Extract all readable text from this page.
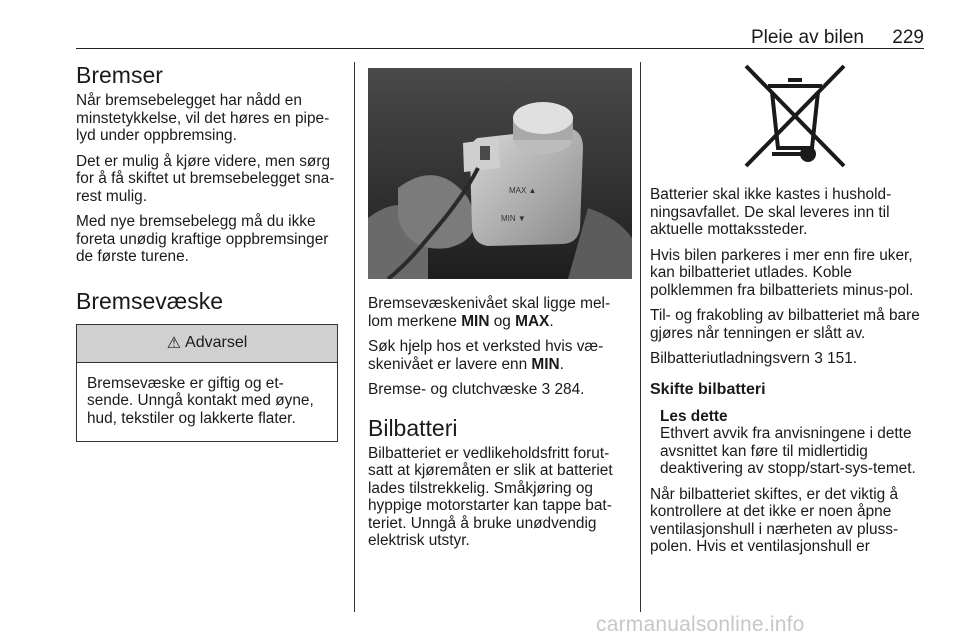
Pleie av bilen 229
Bremser

Når bremsebelegget har nådd en minstetykkelse, vil det høres en pipe-lyd under oppbremsing.

Det er mulig å kjøre videre, men sørg for å få skiftet ut bremsebelegget sna-rest mulig.

Med nye bremsebelegg må du ikke foreta unødig kraftige oppbremsinger de første turene.

Bremsevæske
⚠ Advarsel
Bremsevæske er giftig og et-sende. Unngå kontakt med øyne, hud, tekstiler og lakkerte flater.
MAX ▲
MIN ▼

Bremsevæskenivået skal ligge mel-lom merkene MIN og MAX.

Søk hjelp hos et verksted hvis væ-skenivået er lavere enn MIN.

Bremse- og clutchvæske 3 284.

Bilbatteri

Bilbatteriet er vedlikeholdsfritt forut-satt at kjøremåten er slik at batteriet lades tilstrekkelig. Småkjøring og hyppige motorstarter kan tappe bat-teriet. Unngå å bruke unødvendig elektrisk utstyr.

Batterier skal ikke kastes i hushold-ningsavfallet. De skal leveres inn til aktuelle mottakssteder.

Hvis bilen parkeres i mer enn fire uker, kan bilbatteriet utlades. Koble polklemmen fra bilbatteriets minus-pol.

Til- og frakobling av bilbatteriet må bare gjøres når tenningen er slått av.

Bilbatteriutladningsvern 3 151.

Skifte bilbatteri
Les dette
Ethvert avvik fra anvisningene i dette avsnittet kan føre til midlertidig deaktivering av stopp/start-sys-temet.

Når bilbatteriet skiftes, er det viktig å kontrollere at det ikke er noen åpne ventilasjonshull i nærheten av pluss-polen. Hvis et ventilasjonshull er

carmanualsonline.info
